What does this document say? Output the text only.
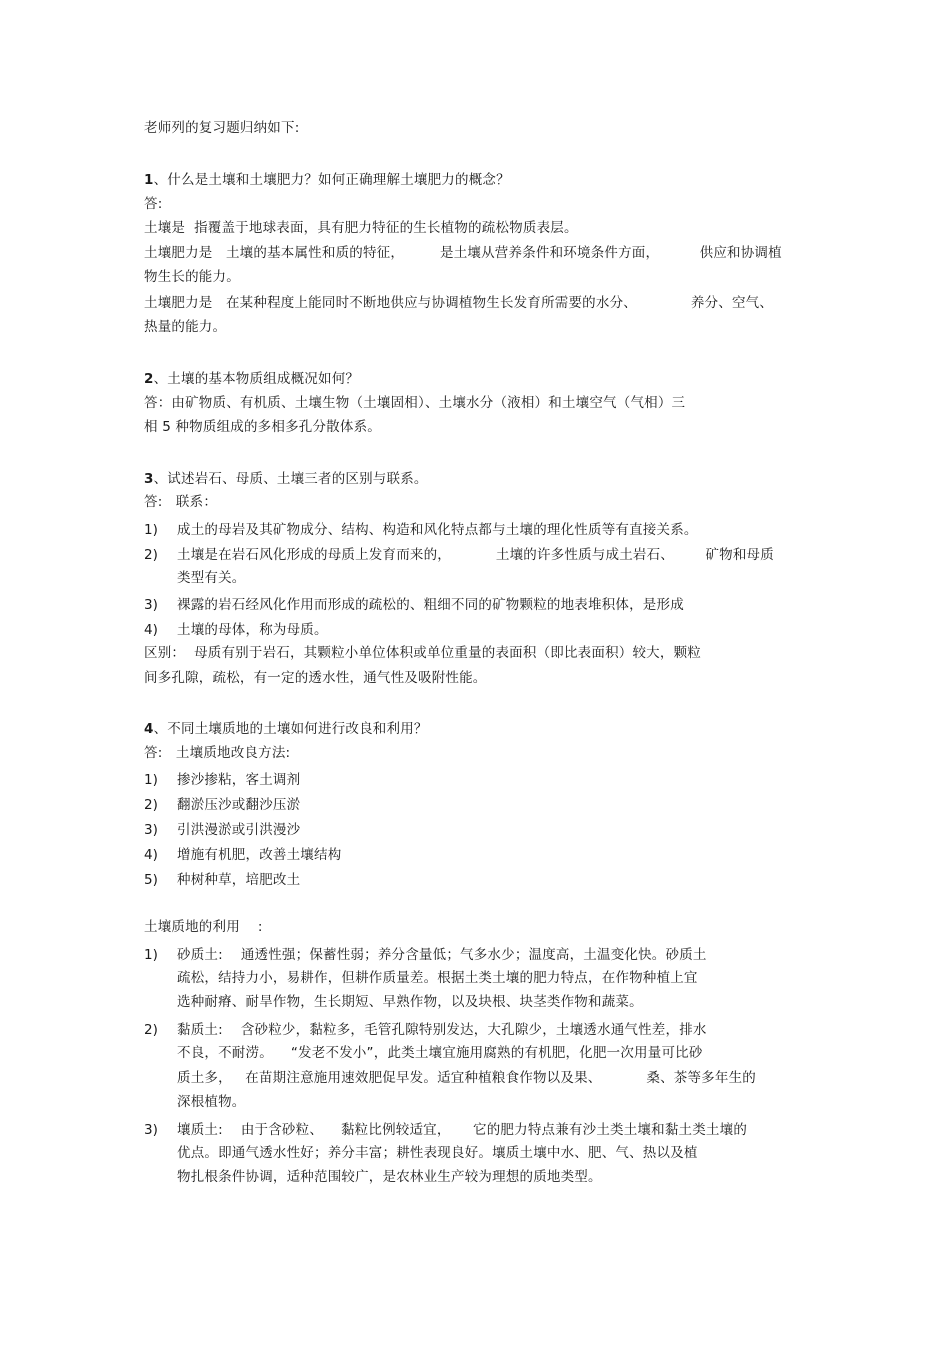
老师列的复习题归纳如下:

1、什么是土壤和土壤肥力？如何正确理解土壤肥力的概念？

答:

土壤是  指覆盖于地球表面，具有肥力特征的生长植物的疏松物质表层。

土壤肥力是   土壤的基本属性和质的特征，        是土壤从营养条件和环境条件方面，         供应和协调植

物生长的能力。

土壤肥力是   在某种程度上能同时不断地供应与协调植物生长发育所需要的水分、            养分、空气、

热量的能力。

2、土壤的基本物质组成概况如何？

答：由矿物质、有机质、土壤生物（土壤固相）、土壤水分（液相）和土壤空气（气相）三

相 5 种物质组成的多相多孔分散体系。

3、试述岩石、母质、土壤三者的区别与联系。

答:   联系：

1) 成土的母岩及其矿物成分、结构、构造和风化特点都与土壤的理化性质等有直接关系。

2) 土壤是在岩石风化形成的母质上发育而来的，          土壤的许多性质与成土岩石、       矿物和母质

类型有关。

3) 裸露的岩石经风化作用而形成的疏松的、粗细不同的矿物颗粒的地表堆积体，是形成

4) 土壤的母体，称为母质。

区别：  母质有别于岩石，其颗粒小单位体积或单位重量的表面积（即比表面积）较大，颗粒

间多孔隙，疏松，有一定的透水性，通气性及吸附性能。

4、不同土壤质地的土壤如何进行改良和利用？

答:   土壤质地改良方法:

1) 掺沙掺粘，客土调剂

2) 翻淤压沙或翻沙压淤

3) 引洪漫淤或引洪漫沙

4) 增施有机肥，改善土壤结构

5) 种树种草，培肥改土

土壤质地的利用    :

1) 砂质土:    通透性强；保蓄性弱；养分含量低；气多水少；温度高，土温变化快。砂质土

疏松，结持力小，易耕作，但耕作质量差。根据土类土壤的肥力特点，在作物种植上宜

选种耐瘠、耐旱作物，生长期短、早熟作物，以及块根、块茎类作物和蔬菜。

2) 黏质土:    含砂粒少，黏粒多，毛管孔隙特别发达，大孔隙少，土壤透水通气性差，排水

不良，不耐涝。    “发老不发小”，此类土壤宜施用腐熟的有机肥，化肥一次用量可比砂

质土多，   在苗期注意施用速效肥促早发。适宜种植粮食作物以及果、          桑、茶等多年生的

深根植物。

3) 壤质土:    由于含砂粒、    黏粒比例较适宜，     它的肥力特点兼有沙土类土壤和黏土类土壤的

优点。即通气透水性好；养分丰富；耕性表现良好。壤质土壤中水、肥、气、热以及植

物扎根条件协调，适种范围较广，是农林业生产较为理想的质地类型。
